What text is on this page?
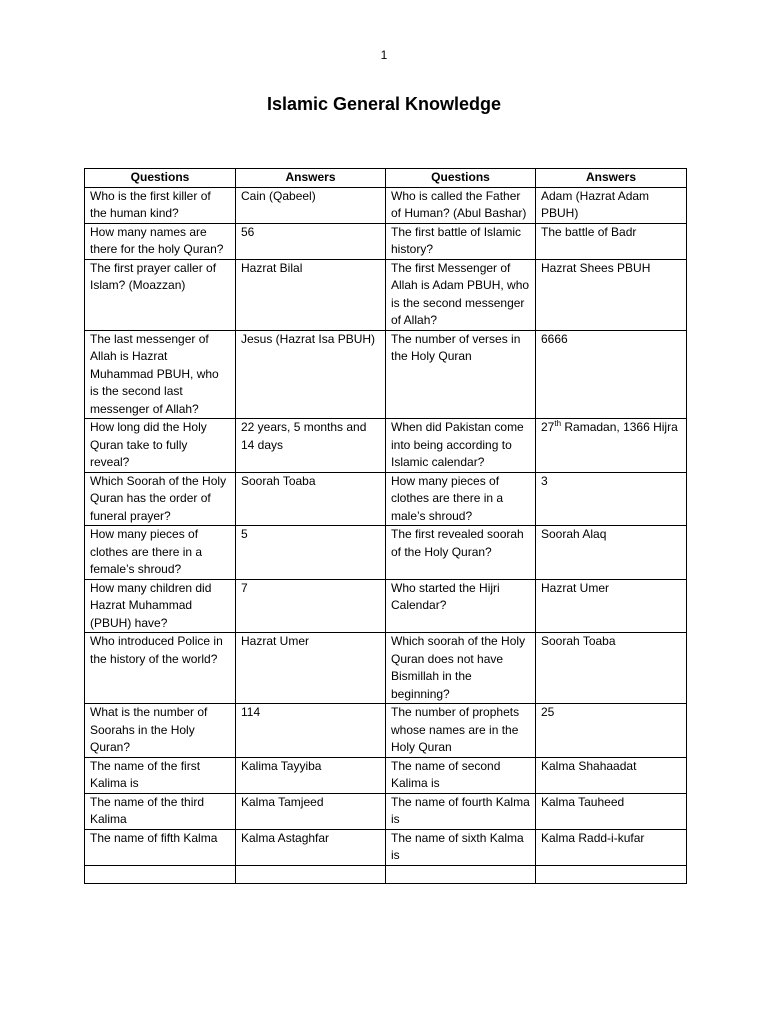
1
Islamic General Knowledge
Questions	Answers	Questions	Answers
Who is the first killer of the human kind?	Cain (Qabeel)	Who is called the Father of Human? (Abul Bashar)	Adam (Hazrat Adam PBUH)
How many names are there for the holy Quran?	56	The first battle of Islamic history?	The battle of Badr
The first prayer caller of Islam? (Moazzan)	Hazrat Bilal	The first Messenger of Allah is Adam PBUH, who is the second messenger of Allah?	Hazrat Shees PBUH
The last messenger of Allah is Hazrat Muhammad PBUH, who is the second last messenger of Allah?	Jesus (Hazrat Isa PBUH)	The number of verses in the Holy Quran	6666
How long did the Holy Quran take to fully reveal?	22 years, 5 months and 14 days	When did Pakistan come into being according to Islamic calendar?	27th Ramadan, 1366 Hijra
Which Soorah of the Holy Quran has the order of funeral prayer?	Soorah Toaba	How many pieces of clothes are there in a male’s shroud?	3
How many pieces of clothes are there in a female’s shroud?	5	The first revealed soorah of the Holy Quran?	Soorah Alaq
How many children did Hazrat Muhammad (PBUH) have?	7	Who started the Hijri Calendar?	Hazrat Umer
Who introduced Police in the history of the world?	Hazrat Umer	Which soorah of the Holy Quran does not have Bismillah in the beginning?	Soorah Toaba
What is the number of Soorahs in the Holy Quran?	114	The number of prophets whose names are in the Holy Quran	25
The name of the first Kalima is	Kalima Tayyiba	The name of second Kalima is	Kalma Shahaadat
The name of the third Kalima	Kalma Tamjeed	The name of fourth Kalma is	Kalma Tauheed
The name of fifth Kalma	Kalma Astaghfar	The name of sixth Kalma is	Kalma Radd-i-kufar
